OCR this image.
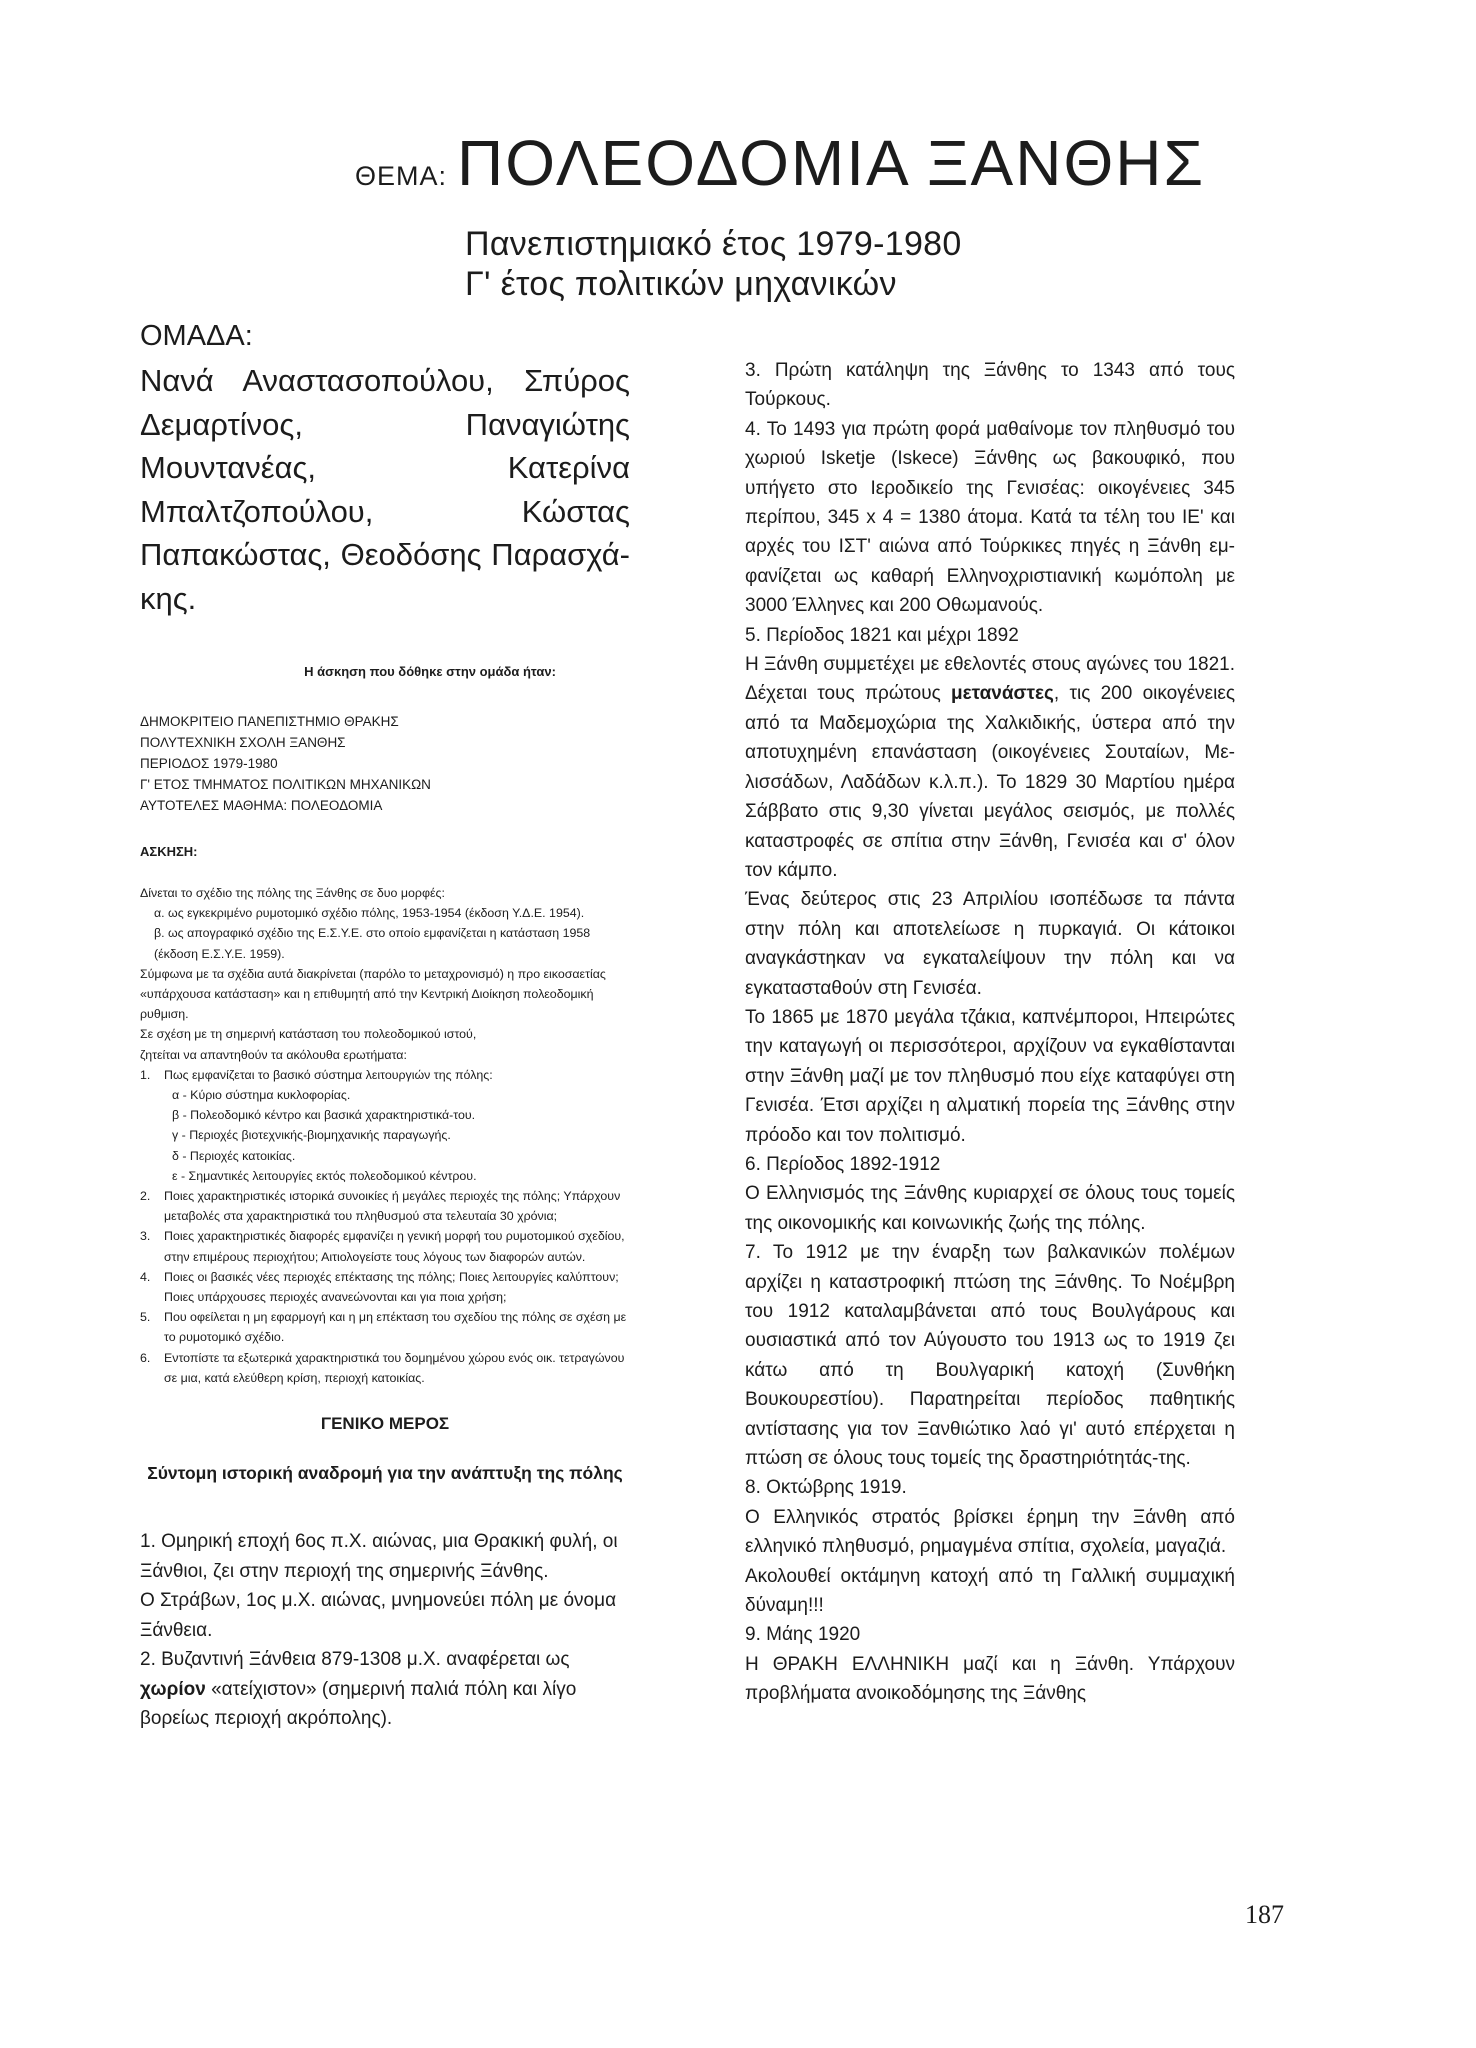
ΘΕΜΑ: ΠΟΛΕΟΔΟΜΙΑ ΞΑΝΘΗΣ
Πανεπιστημιακό έτος 1979-1980
Γ' έτος πολιτικών μηχανικών
ΟΜΑΔΑ:

Νανά Αναστασοπούλου, Σπύρος Δεμαρτίνος, Παναγιώτης Μουντανέας, Κατερίνα Μπαλτζοπούλου, Κώστας Παπακώστας, Θεοδόσης Παρασχάκης.

Η άσκηση που δόθηκε στην ομάδα ήταν:
ΔΗΜΟΚΡΙΤΕΙΟ ΠΑΝΕΠΙΣΤΗΜΙΟ ΘΡΑΚΗΣ
ΠΟΛΥΤΕΧΝΙΚΗ ΣΧΟΛΗ ΞΑΝΘΗΣ
ΠΕΡΙΟΔΟΣ 1979-1980
Γ' ΕΤΟΣ ΤΜΗΜΑΤΟΣ ΠΟΛΙΤΙΚΩΝ ΜΗΧΑΝΙΚΩΝ
ΑΥΤΟΤΕΛΕΣ ΜΑΘΗΜΑ: ΠΟΛΕΟΔΟΜΙΑ
ΑΣΚΗΣΗ:

Δίνεται το σχέδιο της πόλης της Ξάνθης σε δυο μορφές:

α. ως εγκεκριμένο ρυμοτομικό σχέδιο πόλης, 1953-1954 (έκδοση Υ.Δ.Ε. 1954).

β. ως απογραφικό σχέδιο της Ε.Σ.Υ.Ε. στο οποίο εμφανίζεται η κατάσταση 1958 (έκδοση Ε.Σ.Υ.Ε. 1959).

Σύμφωνα με τα σχέδια αυτά διακρίνεται (παρόλο το μεταχρονισμό) η προ εικοσαετίας «υπάρχουσα κατάσταση» και η επιθυμητή από την Κεντρική Διοίκηση πολεοδομική ρυθμιση.

Σε σχέση με τη σημερινή κατάσταση του πολεοδομικού ιστού,

ζητείται να απαντηθούν τα ακόλουθα ερωτήματα:

1.	Πως εμφανίζεται το βασικό σύστημα λειτουργιών της πόλης:
α - Κύριο σύστημα κυκλοφορίας.
β - Πολεοδομικό κέντρο και βασικά χαρακτηριστικά-του.
γ - Περιοχές βιοτεχνικής-βιομηχανικής παραγωγής.
δ - Περιοχές κατοικίας.
ε - Σημαντικές λειτουργίες εκτός πολεοδομικού κέντρου.
2.	Ποιες χαρακτηριστικές ιστορικά συνοικίες ή μεγάλες περιοχές της πόλης; Υπάρχουν μεταβολές στα χαρακτηριστικά του πληθυσμού στα τελευταία 30 χρόνια;
3.	Ποιες χαρακτηριστικές διαφορές εμφανίζει η γενική μορφή του ρυμοτομικού σχεδίου, στην επιμέρους περιοχήτου; Αιτιολογείστε τους λόγους των διαφορών αυτών.
4.	Ποιες οι βασικές νέες περιοχές επέκτασης της πόλης; Ποιες λειτουργίες καλύπτουν; Ποιες υπάρχουσες περιοχές ανανεώνονται και για ποια χρήση;
5.	Που οφείλεται η μη εφαρμογή και η μη επέκταση του σχεδίου της πόλης σε σχέση με το ρυμοτομικό σχέδιο.
6.	Εντοπίστε τα εξωτερικά χαρακτηριστικά του δομημένου χώρου ενός οικ. τετραγώνου σε μια, κατά ελεύθερη κρίση, περιοχή κατοικίας.
ΓΕΝΙΚΟ ΜΕΡΟΣ
Σύντομη ιστορική αναδρομή για την ανάπτυξη της πόλης

1. Ομηρική εποχή 6ος π.Χ. αιώνας, μια Θρακική φυλή, οι Ξάνθιοι, ζει στην περιοχή της σημερινής Ξάνθης.

Ο Στράβων, 1ος μ.Χ. αιώνας, μνημονεύει πόλη με όνομα Ξάνθεια.

2. Βυζαντινή Ξάνθεια 879-1308 μ.Χ. αναφέρεται ως χωρίον «ατείχιστον» (σημερινή παλιά πόλη και λίγο βορείως περιοχή ακρόπολης).

3. Πρώτη κατάληψη της Ξάνθης το 1343 από τους Τούρκους.

4. Το 1493 για πρώτη φορά μαθαίνομε τον πληθυσμό του χωριού Isketje (Iskece) Ξάνθης ως βακουφικό, που υπήγετο στο Ιεροδικείο της Γενισέας: οικογένειες 345 περίπου, 345 x 4 = 1380 άτομα. Κατά τα τέλη του ΙΕ' και αρχές του ΙΣΤ' αιώνα από Τούρκικες πηγές η Ξάνθη εμφανίζεται ως καθαρή Ελληνοχριστιανική κωμόπολη με 3000 Έλληνες και 200 Οθωμανούς.

5. Περίοδος 1821 και μέχρι 1892

Η Ξάνθη συμμετέχει με εθελοντές στους αγώνες του 1821. Δέχεται τους πρώτους μετανάστες, τις 200 οικογένειες από τα Μαδεμοχώρια της Χαλκιδικής, ύστερα από την αποτυχημένη επανάσταση (οικογένειες Σουταίων, Μελισσάδων, Λαδάδων κ.λ.π.). Το 1829 30 Μαρτίου ημέρα Σάββατο στις 9,30 γίνεται μεγάλος σεισμός, με πολλές καταστροφές σε σπίτια στην Ξάνθη, Γενισέα και σ' όλον τον κάμπο.

Ένας δεύτερος στις 23 Απριλίου ισοπέδωσε τα πάντα στην πόλη και αποτελείωσε η πυρκαγιά. Οι κάτοικοι αναγκάστηκαν να εγκαταλείψουν την πόλη και να εγκατασταθούν στη Γενισέα.

Το 1865 με 1870 μεγάλα τζάκια, καπνέμποροι, Ηπειρώτες την καταγωγή οι περισσότεροι, αρχίζουν να εγκαθίστανται στην Ξάνθη μαζί με τον πληθυσμό που είχε καταφύγει στη Γενισέα. Έτσι αρχίζει η αλματική πορεία της Ξάνθης στην πρόοδο και τον πολιτισμό.

6. Περίοδος 1892-1912

Ο Ελληνισμός της Ξάνθης κυριαρχεί σε όλους τους τομείς της οικονομικής και κοινωνικής ζωής της πόλης.

7. Το 1912 με την έναρξη των βαλκανικών πολέμων αρχίζει η καταστροφική πτώση της Ξάνθης. Το Νοέμβρη του 1912 καταλαμβάνεται από τους Βουλγάρους και ουσιαστικά από τον Αύγουστο του 1913 ως το 1919 ζει κάτω από τη Βουλγαρική κατοχή (Συνθήκη Βουκουρεστίου). Παρατηρείται περίοδος παθητικής αντίστασης για τον Ξανθιώτικο λαό γι' αυτό επέρχεται η πτώση σε όλους τους τομείς της δραστηριότητάς-της.

8. Οκτώβρης 1919.

Ο Ελληνικός στρατός βρίσκει έρημη την Ξάνθη από ελληνικό πληθυσμό, ρημαγμένα σπίτια, σχολεία, μαγαζιά.

Ακολουθεί οκτάμηνη κατοχή από τη Γαλλική συμμαχική δύναμη!!!

9. Μάης 1920

Η ΘΡΑΚΗ ΕΛΛΗΝΙΚΗ μαζί και η Ξάνθη. Υπάρχουν προβλήματα ανοικοδόμησης της Ξάνθης

187
